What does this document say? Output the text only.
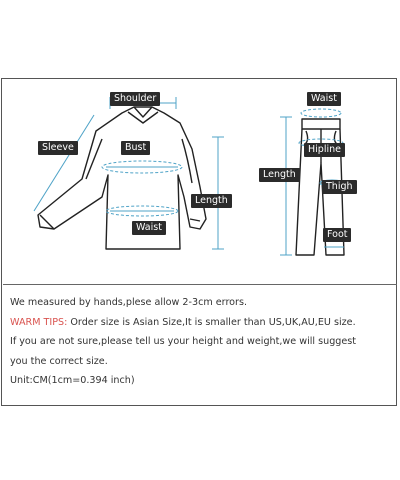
Shoulder
Sleeve	Bust
Length
Waist
Waist
Hipline
Length
Thigh
Foot
We measured by hands,plese allow 2-3cm errors.
WARM TIPS: Order size is Asian Size,It is smaller than US,UK,AU,EU size.
If you are not sure,please tell us your height and weight,we will suggest
you the correct size.
Unit:CM(1cm=0.394 inch)
